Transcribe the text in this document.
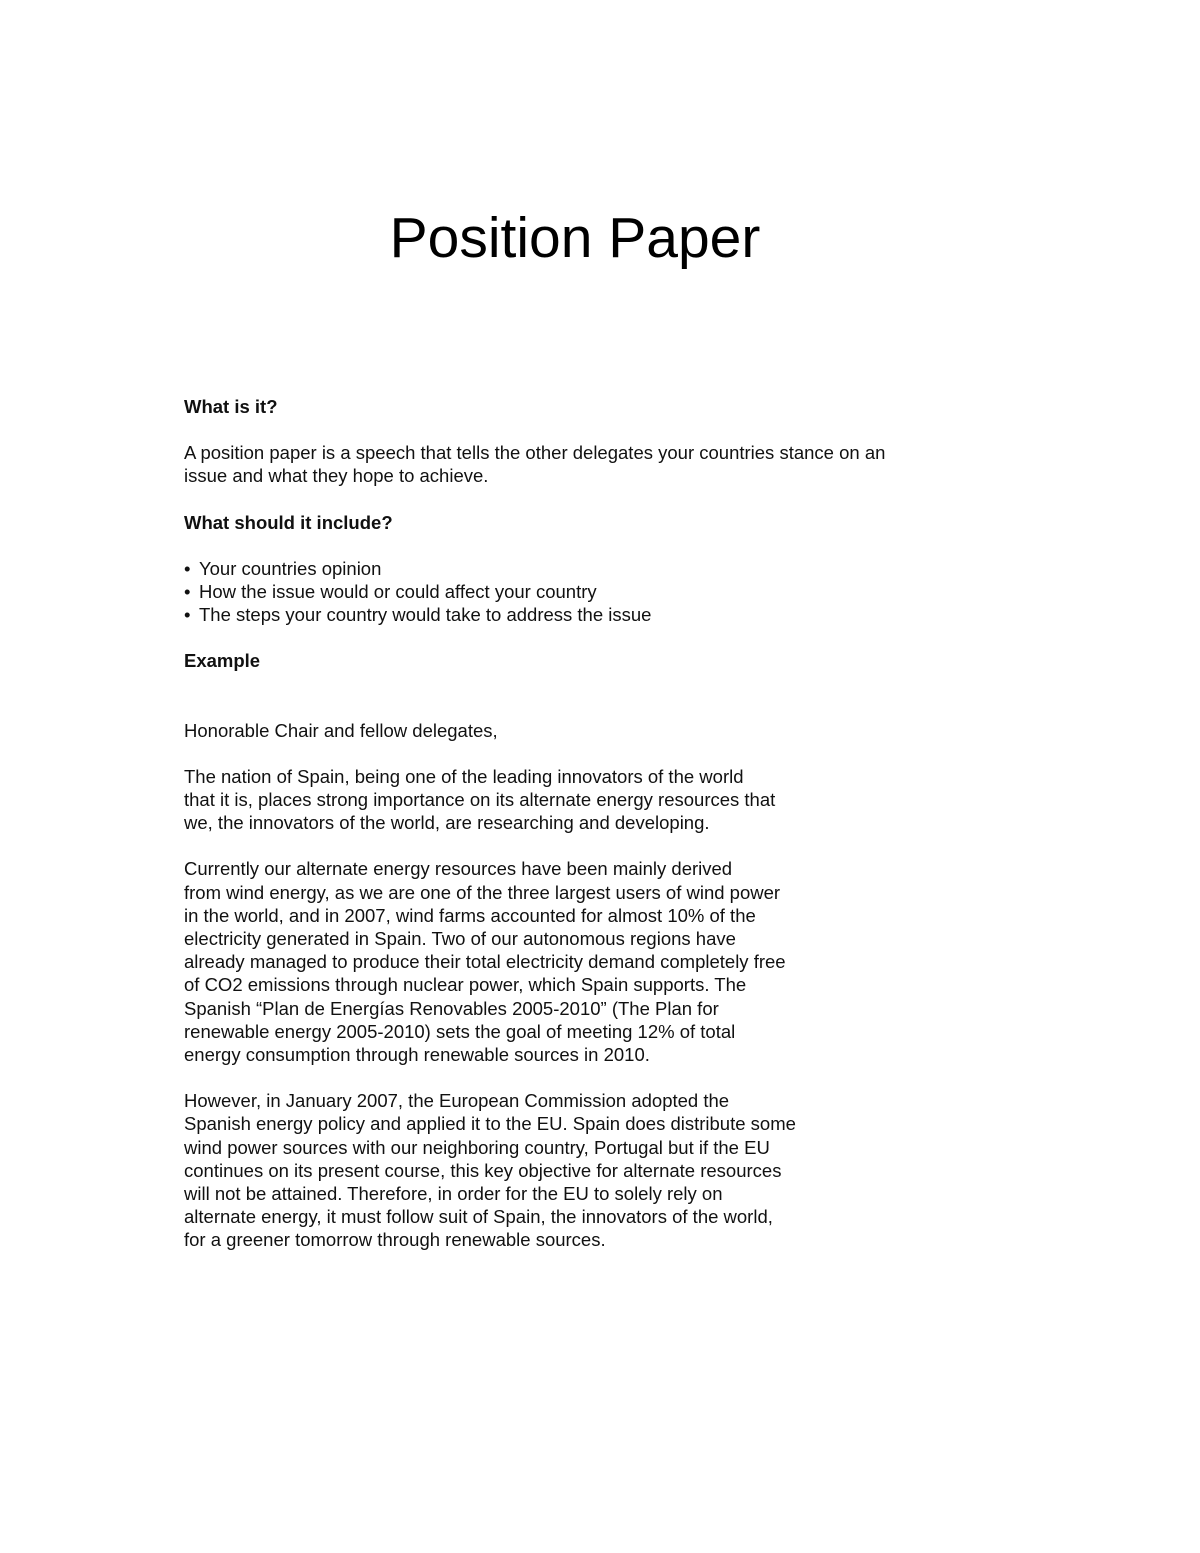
Position Paper

What is it?

A position paper is a speech that tells the other delegates your countries stance on an
issue and what they hope to achieve.

What should it include?

• Your countries opinion
• How the issue would or could affect your country
• The steps your country would take to address the issue

Example

Honorable Chair and fellow delegates,

The nation of Spain, being one of the leading innovators of the world
that it is, places strong importance on its alternate energy resources that
we, the innovators of the world, are researching and developing.

Currently our alternate energy resources have been mainly derived
from wind energy, as we are one of the three largest users of wind power
in the world, and in 2007, wind farms accounted for almost 10% of the
electricity generated in Spain. Two of our autonomous regions have
already managed to produce their total electricity demand completely free
of CO2 emissions through nuclear power, which Spain supports. The
Spanish “Plan de Energías Renovables 2005-2010” (The Plan for
renewable energy 2005-2010) sets the goal of meeting 12% of total
energy consumption through renewable sources in 2010.

However, in January 2007, the European Commission adopted the
Spanish energy policy and applied it to the EU. Spain does distribute some
wind power sources with our neighboring country, Portugal but if the EU
continues on its present course, this key objective for alternate resources
will not be attained. Therefore, in order for the EU to solely rely on
alternate energy, it must follow suit of Spain, the innovators of the world,
for a greener tomorrow through renewable sources.
